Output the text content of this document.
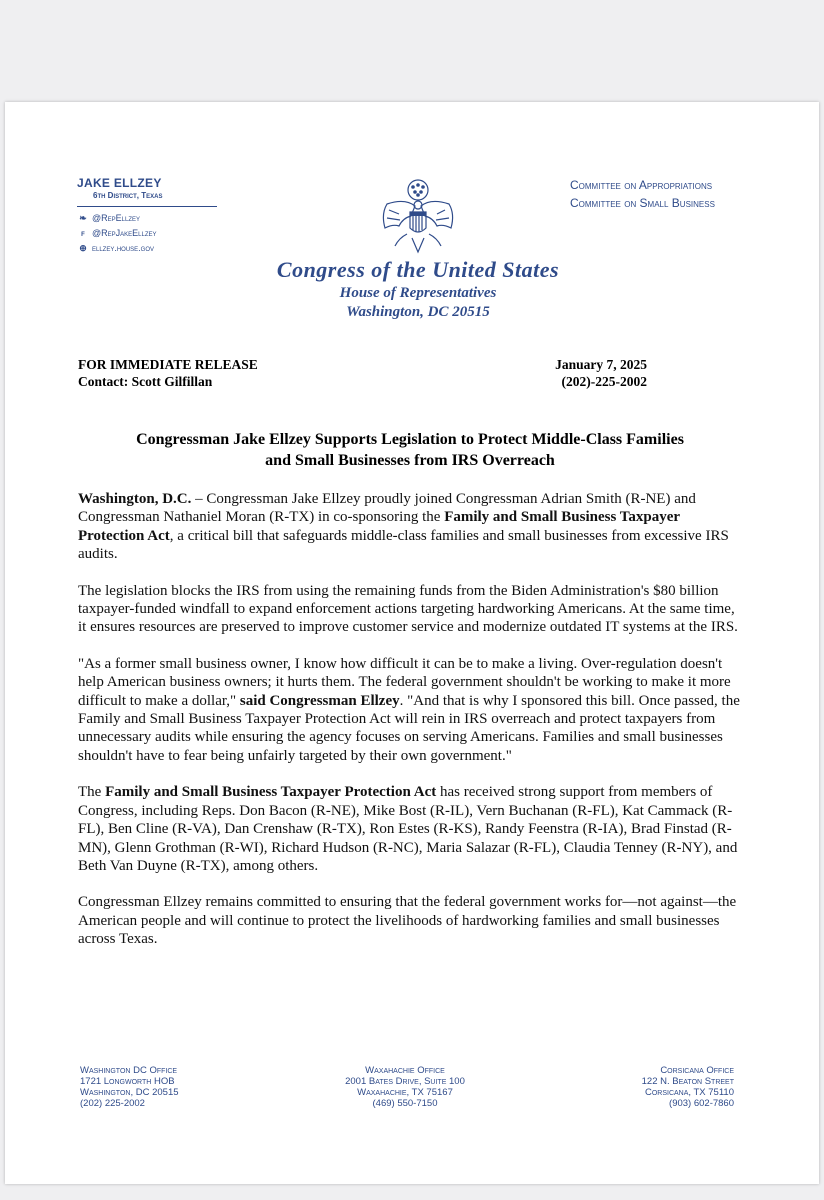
JAKE ELLZEY
6th District, Texas
❧ @RepEllzey
f @RepJakeEllzey
⊕ ellzey.house.gov
Committee on Appropriations
Committee on Small Business
Congress of the United States
House of Representatives
Washington, DC 20515
FOR IMMEDIATE RELEASE
Contact: Scott Gilfillan
January 7, 2025
(202)-225-2002
Congressman Jake Ellzey Supports Legislation to Protect Middle-Class Families
and Small Businesses from IRS Overreach

Washington, D.C. – Congressman Jake Ellzey proudly joined Congressman Adrian Smith (R-NE) and Congressman Nathaniel Moran (R-TX) in co-sponsoring the Family and Small Business Taxpayer Protection Act, a critical bill that safeguards middle-class families and small businesses from excessive IRS audits.

The legislation blocks the IRS from using the remaining funds from the Biden Administration's $80 billion taxpayer-funded windfall to expand enforcement actions targeting hardworking Americans. At the same time, it ensures resources are preserved to improve customer service and modernize outdated IT systems at the IRS.

"As a former small business owner, I know how difficult it can be to make a living. Over-regulation doesn't help American business owners; it hurts them. The federal government shouldn't be working to make it more difficult to make a dollar," said Congressman Ellzey. "And that is why I sponsored this bill. Once passed, the Family and Small Business Taxpayer Protection Act will rein in IRS overreach and protect taxpayers from unnecessary audits while ensuring the agency focuses on serving Americans. Families and small businesses shouldn't have to fear being unfairly targeted by their own government."

The Family and Small Business Taxpayer Protection Act has received strong support from members of Congress, including Reps. Don Bacon (R-NE), Mike Bost (R-IL), Vern Buchanan (R-FL), Kat Cammack (R-FL), Ben Cline (R-VA), Dan Crenshaw (R-TX), Ron Estes (R-KS), Randy Feenstra (R-IA), Brad Finstad (R-MN), Glenn Grothman (R-WI), Richard Hudson (R-NC), Maria Salazar (R-FL), Claudia Tenney (R-NY), and Beth Van Duyne (R-TX), among others.

Congressman Ellzey remains committed to ensuring that the federal government works for—not against—the American people and will continue to protect the livelihoods of hardworking families and small businesses across Texas.

Washington DC Office
1721 Longworth HOB
Washington, DC 20515
(202) 225-2002
Waxahachie Office
2001 Bates Drive, Suite 100
Waxahachie, TX 75167
(469) 550-7150
Corsicana Office
122 N. Beaton Street
Corsicana, TX 75110
(903) 602-7860
